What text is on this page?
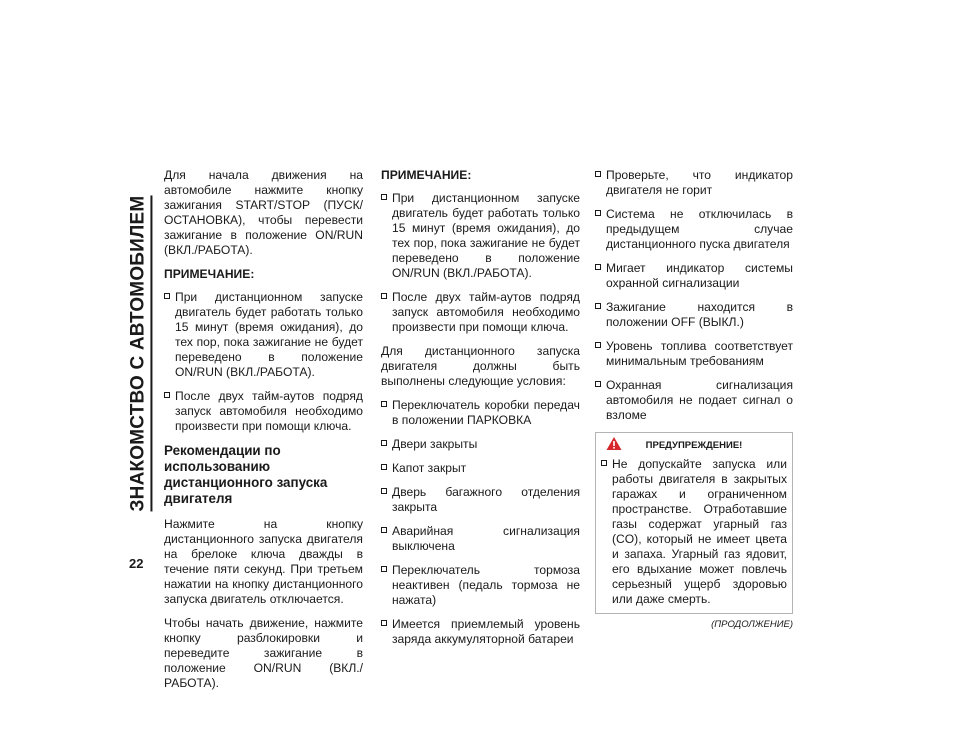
ЗНАКОМСТВО С АВТОМОБИЛЕМ
22

Для начала движения на автомобиле нажмите кнопку зажигания START/STOP (ПУСК/ОСТАНОВКА), чтобы перевести зажигание в положение ON/RUN (ВКЛ./РАБОТА).

ПРИМЕЧАНИЕ:
При дистанционном запуске двигатель будет работать только 15 минут (время ожидания), до тех пор, пока зажигание не будет переведено в положение ON/RUN (ВКЛ./РАБОТА).
После двух тайм-аутов подряд запуск автомобиля необходимо произвести при помощи ключа.
Рекомендации по использованию дистанционного запуска двигателя

Нажмите на кнопку дистанционного запуска двигателя на брелоке ключа дважды в течение пяти секунд. При третьем нажатии на кнопку дистанционного запуска двигатель отключается.

Чтобы начать движение, нажмите кнопку разблокировки и переведите зажигание в положение ON/RUN (ВКЛ./РАБОТА).

ПРИМЕЧАНИЕ:
При дистанционном запуске двигатель будет работать только 15 минут (время ожидания), до тех пор, пока зажигание не будет переведено в положение ON/RUN (ВКЛ./РАБОТА).
После двух тайм-аутов подряд запуск автомобиля необходимо произвести при помощи ключа.

Для дистанционного запуска двигателя должны быть выполнены следующие условия:

Переключатель коробки передач в положении ПАРКОВКА
Двери закрыты
Капот закрыт
Дверь багажного отделения закрыта
Аварийная сигнализация выключена
Переключатель тормоза неактивен (педаль тормоза не нажата)
Имеется приемлемый уровень заряда аккумуляторной батареи
Проверьте, что индикатор двигателя не горит
Система не отключилась в предыдущем случае дистанционного пуска двигателя
Мигает индикатор системы охранной сигнализации
Зажигание находится в положении OFF (ВЫКЛ.)
Уровень топлива соответствует минимальным требованиям
Охранная сигнализация автомобиля не подает сигнал о взломе
ПРЕДУПРЕЖДЕНИЕ!
Не допускайте запуска или работы двигателя в закрытых гаражах и ограниченном пространстве. Отработавшие газы содержат угарный газ (CO), который не имеет цвета и запаха. Угарный газ ядовит, его вдыхание может повлечь серьезный ущерб здоровью или даже смерть.
(ПРОДОЛЖЕНИЕ)
